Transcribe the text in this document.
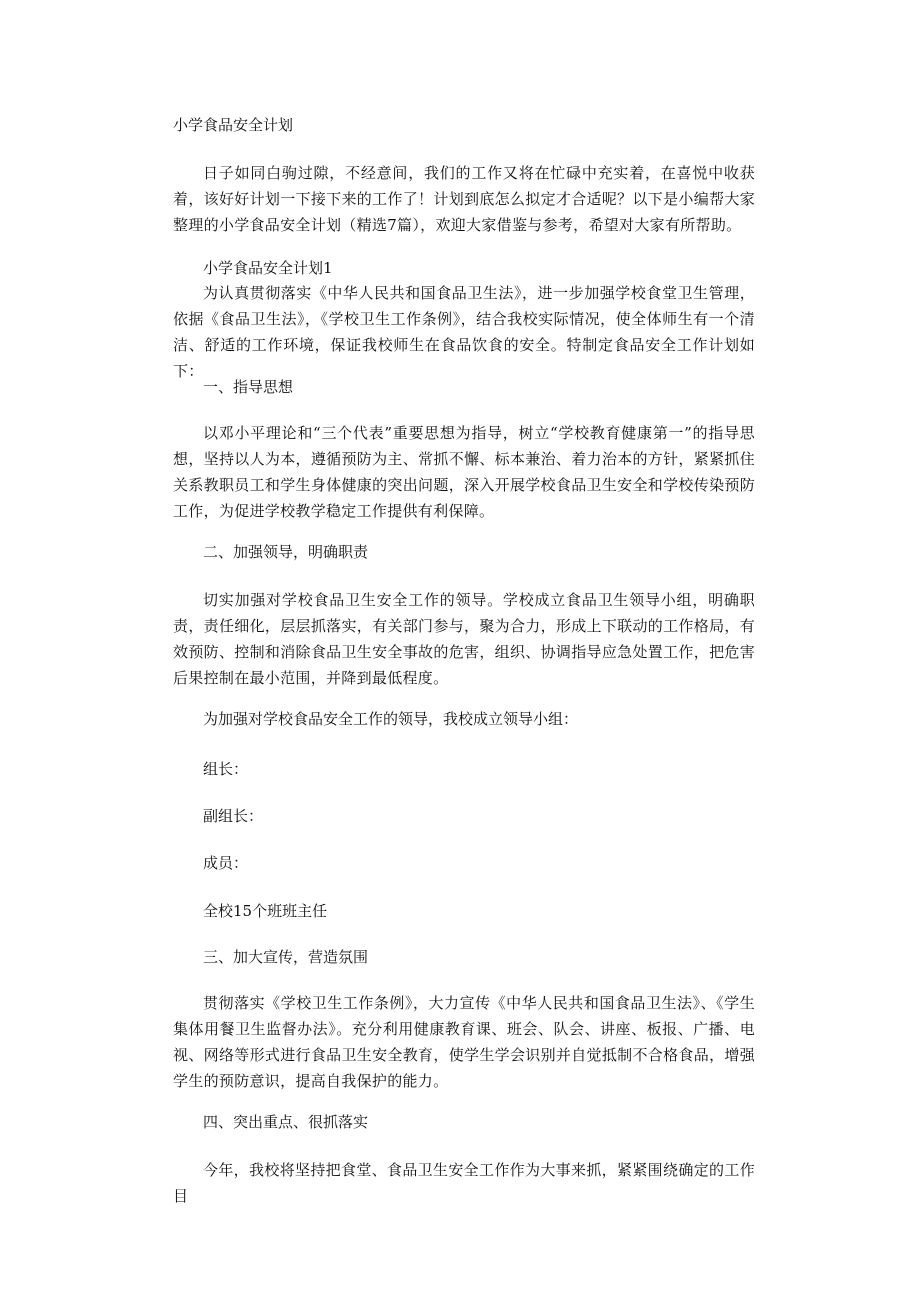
小学食品安全计划
日子如同白驹过隙，不经意间，我们的工作又将在忙碌中充实着，在喜悦中收获着，该好好计划一下接下来的工作了！计划到底怎么拟定才合适呢？以下是小编帮大家整理的小学食品安全计划（精选7篇），欢迎大家借鉴与参考，希望对大家有所帮助。
小学食品安全计划1
为认真贯彻落实《中华人民共和国食品卫生法》，进一步加强学校食堂卫生管理，依据《食品卫生法》，《学校卫生工作条例》，结合我校实际情况，使全体师生有一个清洁、舒适的工作环境，保证我校师生在食品饮食的安全。特制定食品安全工作计划如下：
一、指导思想
以邓小平理论和“三个代表”重要思想为指导，树立“学校教育健康第一”的指导思想，坚持以人为本，遵循预防为主、常抓不懈、标本兼治、着力治本的方针，紧紧抓住关系教职员工和学生身体健康的突出问题，深入开展学校食品卫生安全和学校传染预防工作，为促进学校教学稳定工作提供有利保障。
二、加强领导，明确职责
切实加强对学校食品卫生安全工作的领导。学校成立食品卫生领导小组，明确职责，责任细化，层层抓落实，有关部门参与，聚为合力，形成上下联动的工作格局，有效预防、控制和消除食品卫生安全事故的危害，组织、协调指导应急处置工作，把危害后果控制在最小范围，并降到最低程度。
为加强对学校食品安全工作的领导，我校成立领导小组：
组长：
副组长：
成员：
全校15个班班主任
三、加大宣传，营造氛围
贯彻落实《学校卫生工作条例》，大力宣传《中华人民共和国食品卫生法》、《学生集体用餐卫生监督办法》。充分利用健康教育课、班会、队会、讲座、板报、广播、电视、网络等形式进行食品卫生安全教育，使学生学会识别并自觉抵制不合格食品，增强学生的预防意识，提高自我保护的能力。
四、突出重点、很抓落实
今年，我校将坚持把食堂、食品卫生安全工作作为大事来抓，紧紧围绕确定的工作目
